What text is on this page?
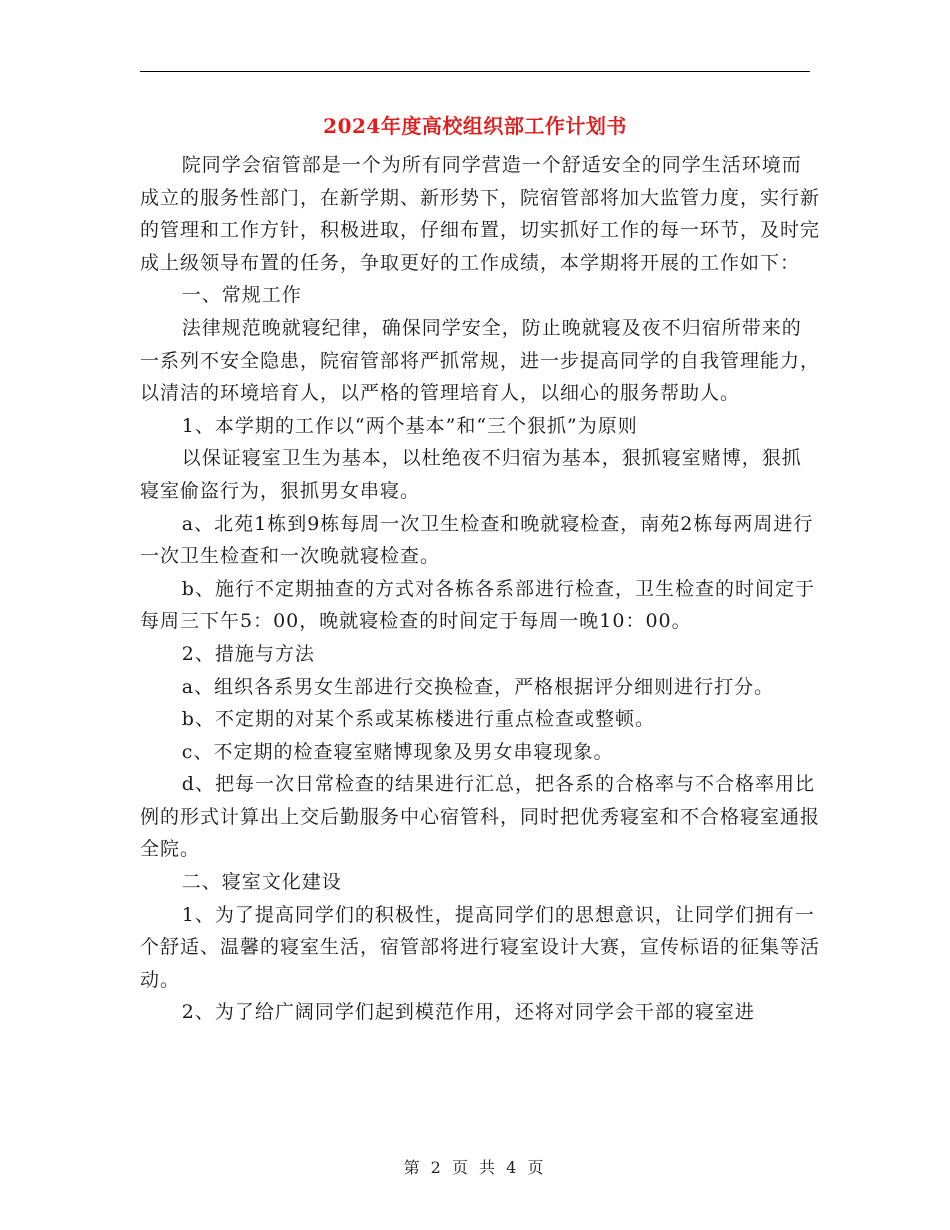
2024年度高校组织部工作计划书

院同学会宿管部是一个为所有同学营造一个舒适安全的同学生活环境而成立的服务性部门，在新学期、新形势下，院宿管部将加大监管力度，实行新的管理和工作方针，积极进取，仔细布置，切实抓好工作的每一环节，及时完成上级领导布置的任务，争取更好的工作成绩，本学期将开展的工作如下：

一、常规工作

法律规范晚就寝纪律，确保同学安全，防止晚就寝及夜不归宿所带来的一系列不安全隐患，院宿管部将严抓常规，进一步提高同学的自我管理能力，以清洁的环境培育人，以严格的管理培育人，以细心的服务帮助人。

1、本学期的工作以“两个基本”和“三个狠抓”为原则

以保证寝室卫生为基本，以杜绝夜不归宿为基本，狠抓寝室赌博，狠抓寝室偷盗行为，狠抓男女串寝。

a、北苑1栋到9栋每周一次卫生检查和晚就寝检查，南苑2栋每两周进行一次卫生检查和一次晚就寝检查。

b、施行不定期抽查的方式对各栋各系部进行检查，卫生检查的时间定于每周三下午5：00，晚就寝检查的时间定于每周一晚10：00。

2、措施与方法

a、组织各系男女生部进行交换检查，严格根据评分细则进行打分。

b、不定期的对某个系或某栋楼进行重点检查或整顿。

c、不定期的检查寝室赌博现象及男女串寝现象。

d、把每一次日常检查的结果进行汇总，把各系的合格率与不合格率用比例的形式计算出上交后勤服务中心宿管科，同时把优秀寝室和不合格寝室通报全院。

二、寝室文化建设

1、为了提高同学们的积极性，提高同学们的思想意识，让同学们拥有一个舒适、温馨的寝室生活，宿管部将进行寝室设计大赛，宣传标语的征集等活动。

2、为了给广阔同学们起到模范作用，还将对同学会干部的寝室进

第 2 页 共 4 页
